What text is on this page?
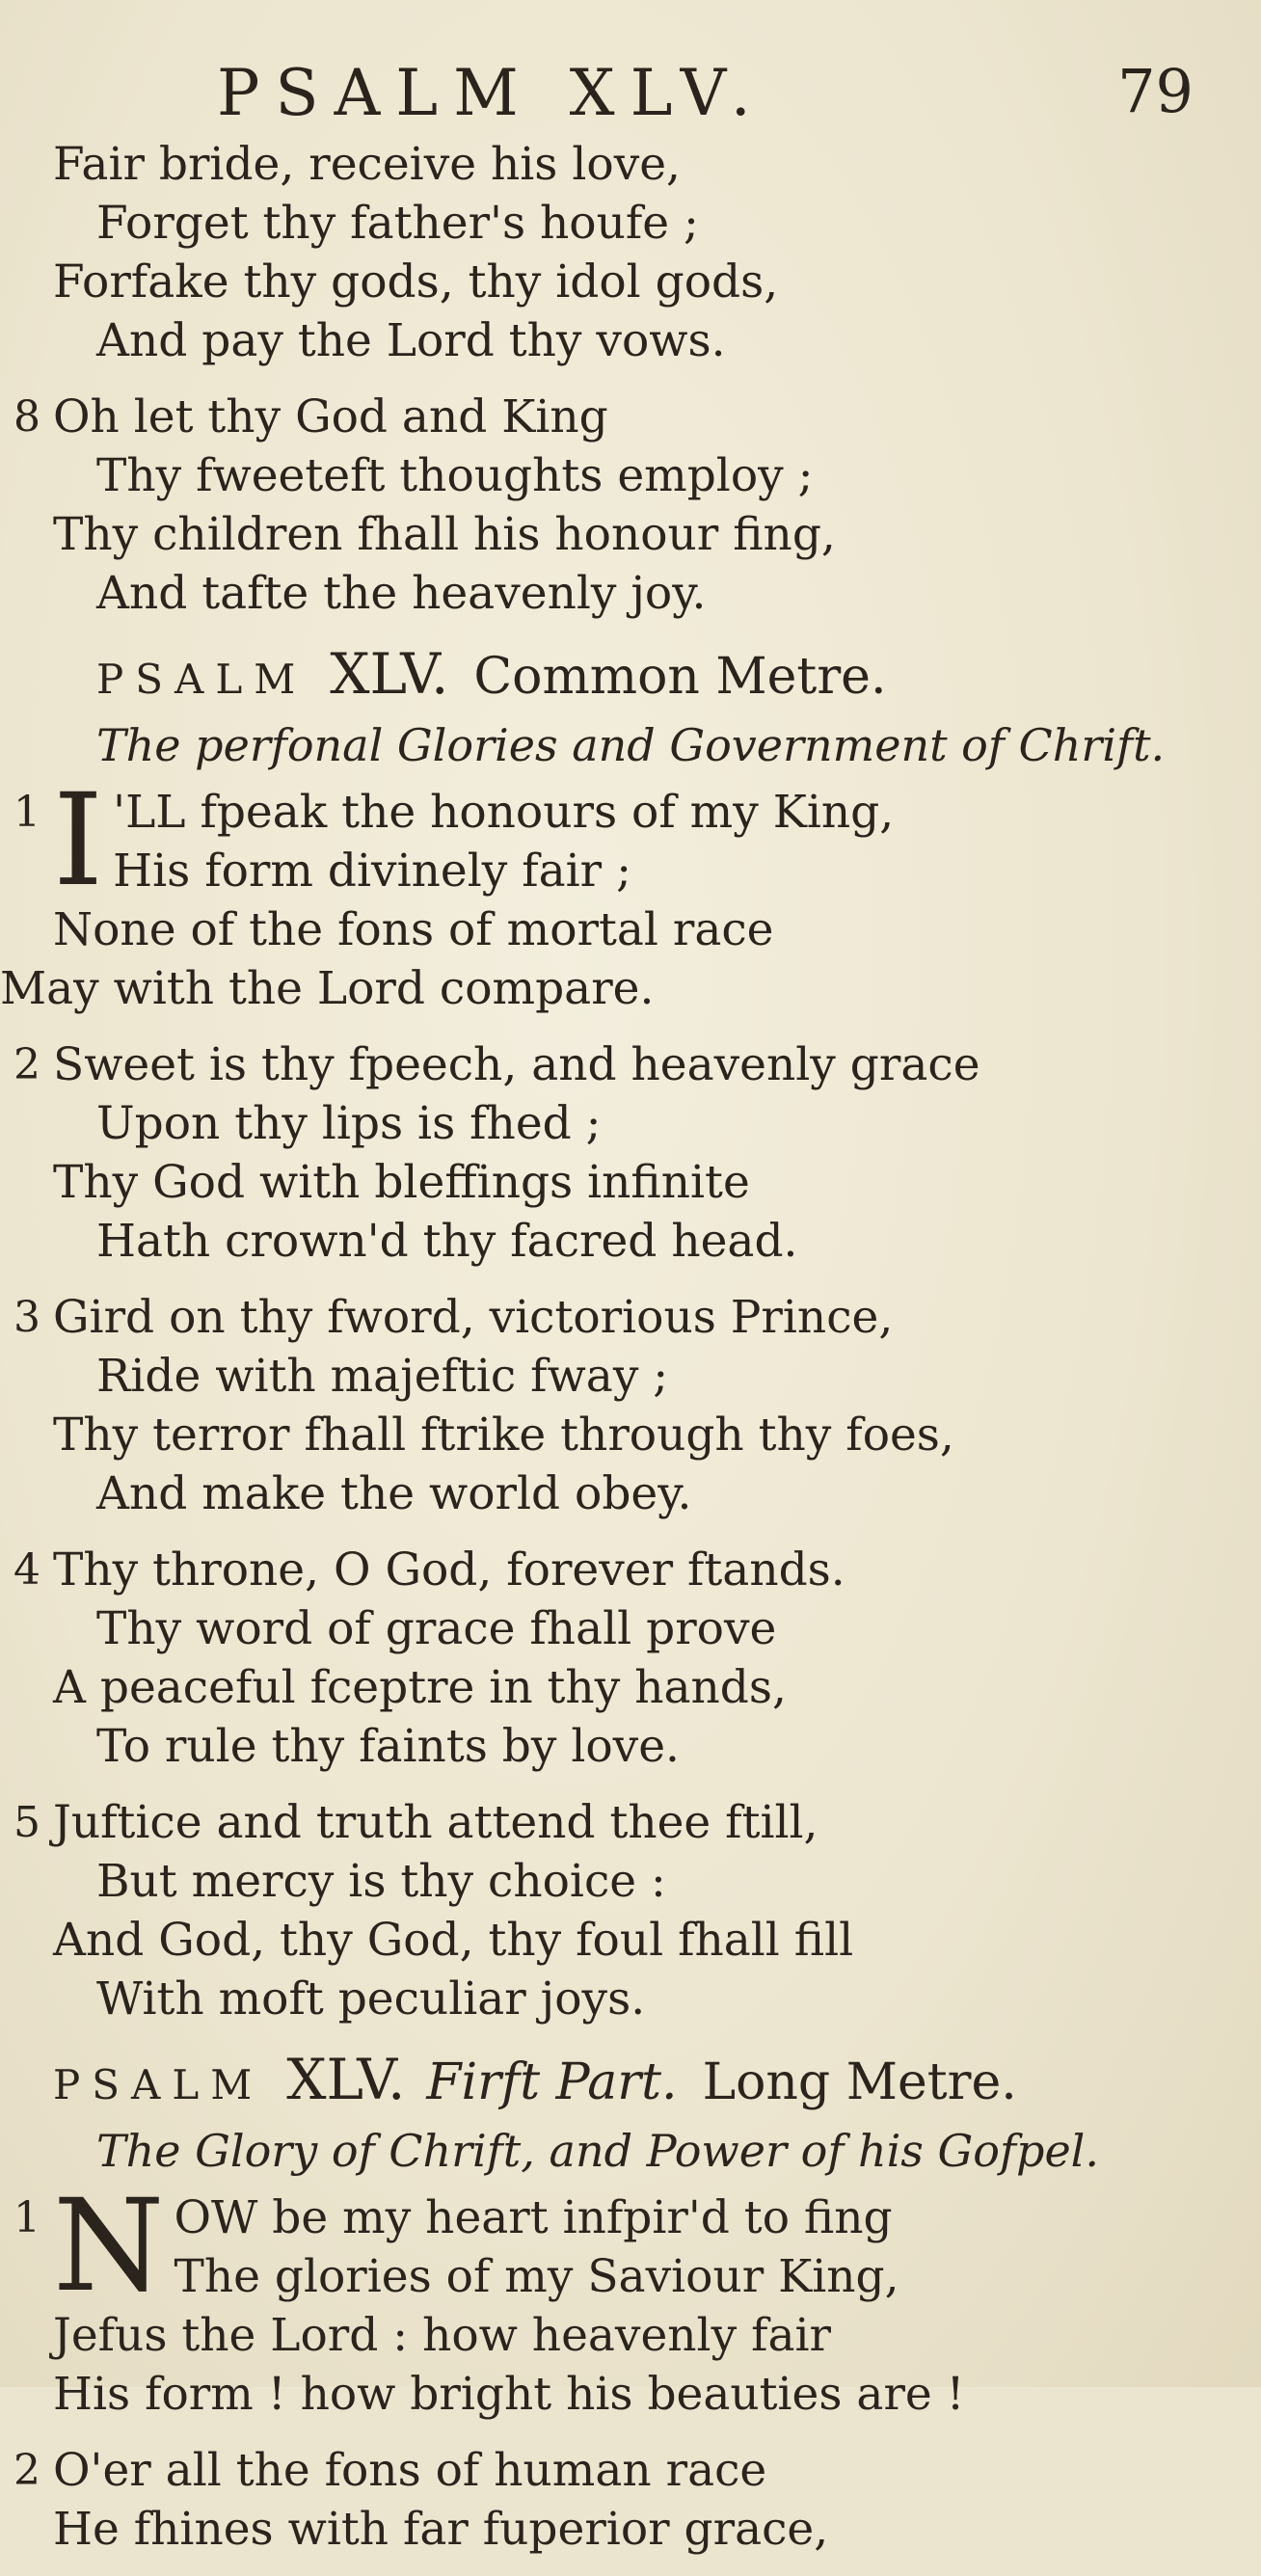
PSALM XLV.	79
Fair bride, receive his love,
Forget thy father's houfe ;
Forfake thy gods, thy idol gods,
And pay the Lord thy vows.
8 Oh let thy God and King
Thy fweeteft thoughts employ ;
Thy children fhall his honour fing,
And tafte the heavenly joy.
PSALM XLV. Common Metre.
The perfonal Glories and Government of Chrift.
1 I 'LL fpeak the honours of my King,
His form divinely fair ;
None of the fons of mortal race
May with the Lord compare.
2 Sweet is thy fpeech, and heavenly grace
Upon thy lips is fhed ;
Thy God with bleffings infinite
Hath crown'd thy facred head.
3 Gird on thy fword, victorious Prince,
Ride with majeftic fway ;
Thy terror fhall ftrike through thy foes,
And make the world obey.
4 Thy throne, O God, forever ftands.
Thy word of grace fhall prove
A peaceful fceptre in thy hands,
To rule thy faints by love.
5 Juftice and truth attend thee ftill,
But mercy is thy choice :
And God, thy God, thy foul fhall fill
With moft peculiar joys.
PSALM XLV. Firft Part. Long Metre.
The Glory of Chrift, and Power of his Gofpel.
1 N OW be my heart infpir'd to fing
The glories of my Saviour King,
Jefus the Lord : how heavenly fair
His form ! how bright his beauties are !
2 O'er all the fons of human race
He fhines with far fuperior grace,
